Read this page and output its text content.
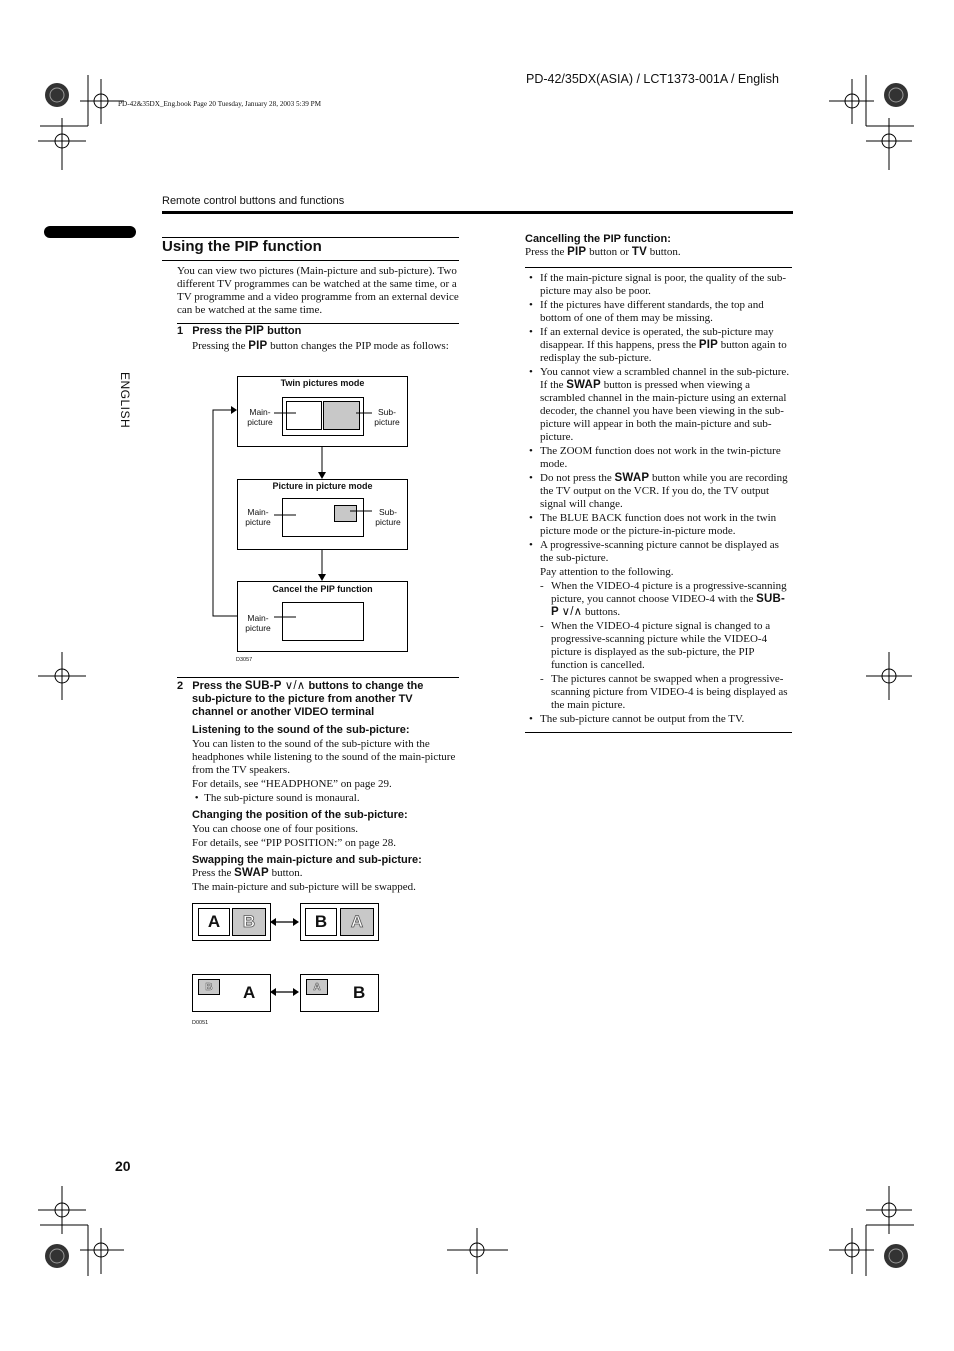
PD-42/35DX(ASIA) / LCT1373-001A / English
PD-42&35DX_Eng.book Page 20 Tuesday, January 28, 2003 5:39 PM
Remote control buttons and functions
ENGLISH
20
Using the PIP function
You can view two pictures (Main-picture and sub-picture). Two different TV programmes can be watched at the same time, or a TV programme and a video programme from an external device can be watched at the same time.
1 Press the PIP button
Pressing the PIP button changes the PIP mode as follows:
Twin pictures mode
Main-
picture
Sub-
picture
Picture in picture mode
Main-
picture
Sub-
picture
Cancel the PIP function
Main-
picture
D3057
2 Press the SUB-P ∨/∧ buttons to change the
sub-picture to the picture from another TV
channel or another VIDEO terminal
Listening to the sound of the sub-picture:
You can listen to the sound of the sub-picture with the headphones while listening to the sound of the main-picture from the TV speakers.
For details, see “HEADPHONE” on page 29.
•  The sub-picture sound is monaural.
Changing the position of the sub-picture:
You can choose one of four positions.
For details, see “PIP POSITION:” on page 28.
Swapping the main-picture and sub-picture:
Press the SWAP button.
The main-picture and sub-picture will be swapped.
A	B	B	A
B	A	A	B
D0051
Cancelling the PIP function:
Press the PIP button or TV button.
• If the main-picture signal is poor, the quality of the sub-picture may also be poor.
• If the pictures have different standards, the top and bottom of one of them may be missing.
• If an external device is operated, the sub-picture may disappear. If this happens, press the PIP button again to redisplay the sub-picture.
• You cannot view a scrambled channel in the sub-picture. If the SWAP button is pressed when viewing a scrambled channel in the main-picture using an external decoder, the channel you have been viewing in the sub-picture will appear in both the main-picture and sub-picture.
• The ZOOM function does not work in the twin-picture mode.
• Do not press the SWAP button while you are recording the TV output on the VCR. If you do, the TV output signal will change.
• The BLUE BACK function does not work in the twin picture mode or the picture-in-picture mode.
• A progressive-scanning picture cannot be displayed as the sub-picture.
Pay attention to the following.
- When the VIDEO-4 picture is a progressive-scanning picture, you cannot choose VIDEO-4 with the SUB-P ∨/∧ buttons.
- When the VIDEO-4 picture signal is changed to a progressive-scanning picture while the VIDEO-4 picture is displayed as the sub-picture, the PIP function is cancelled.
- The pictures cannot be swapped when a progressive-scanning picture from VIDEO-4 is being displayed as the main picture.
• The sub-picture cannot be output from the TV.
